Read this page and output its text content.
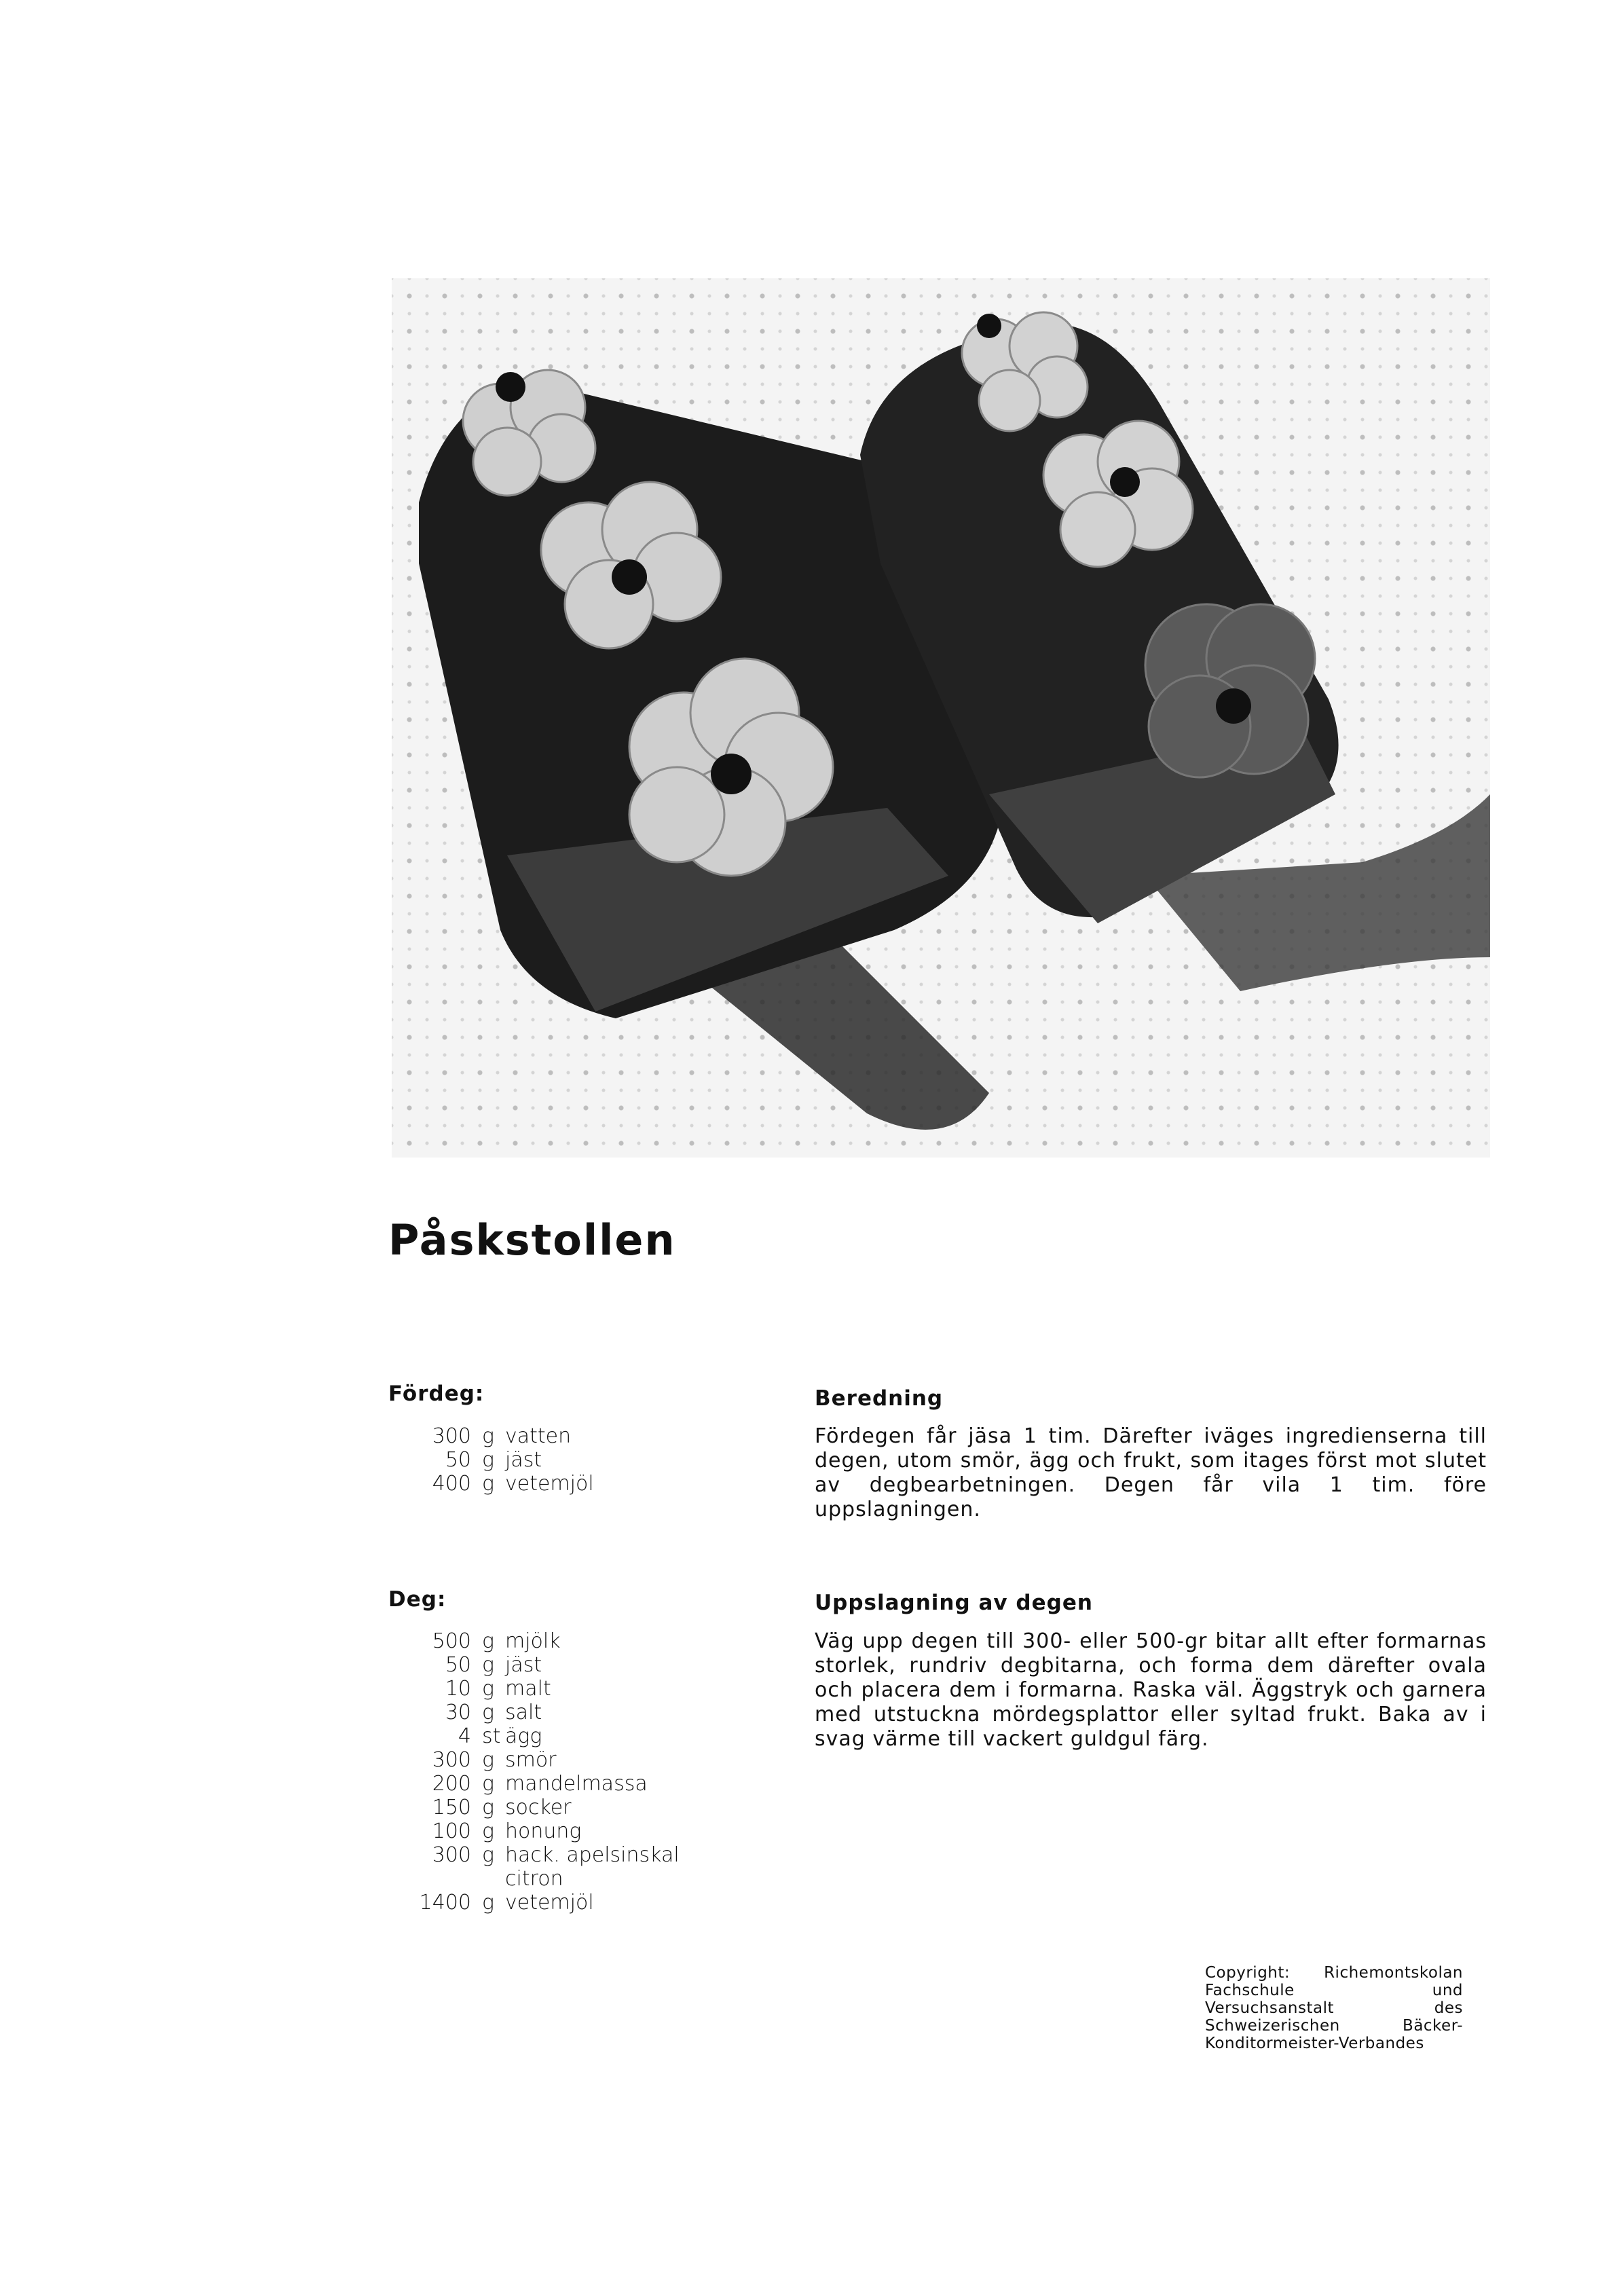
Påskstollen
Fördeg:
300	g	vatten
50	g	jäst
400	g	vetemjöl
Deg:
500	g	mjölk
50	g	jäst
10	g	malt
30	g	salt
4	st	ägg
300	g	smör
200	g	mandelmassa
150	g	socker
100	g	honung
300	g	hack. apelsinskal
		citron
1400	g	vetemjöl
Beredning

Fördegen får jäsa 1 tim. Därefter iväges ingredienserna till degen, utom smör, ägg och frukt, som itages först mot slutet av degbearbetningen. Degen får vila 1 tim. före uppslagningen.

Uppslagning av degen

Väg upp degen till 300- eller 500-gr bitar allt efter formarnas storlek, rundriv degbitarna, och forma dem därefter ovala och placera dem i formarna. Raska väl. Äggstryk och garnera med utstuckna mördegsplattor eller syltad frukt. Baka av i svag värme till vackert guldgul färg.

Copyright: Richemontskolan Fachschule und Versuchsanstalt des Schweizerischen Bäcker-Konditormeister-Verbandes
